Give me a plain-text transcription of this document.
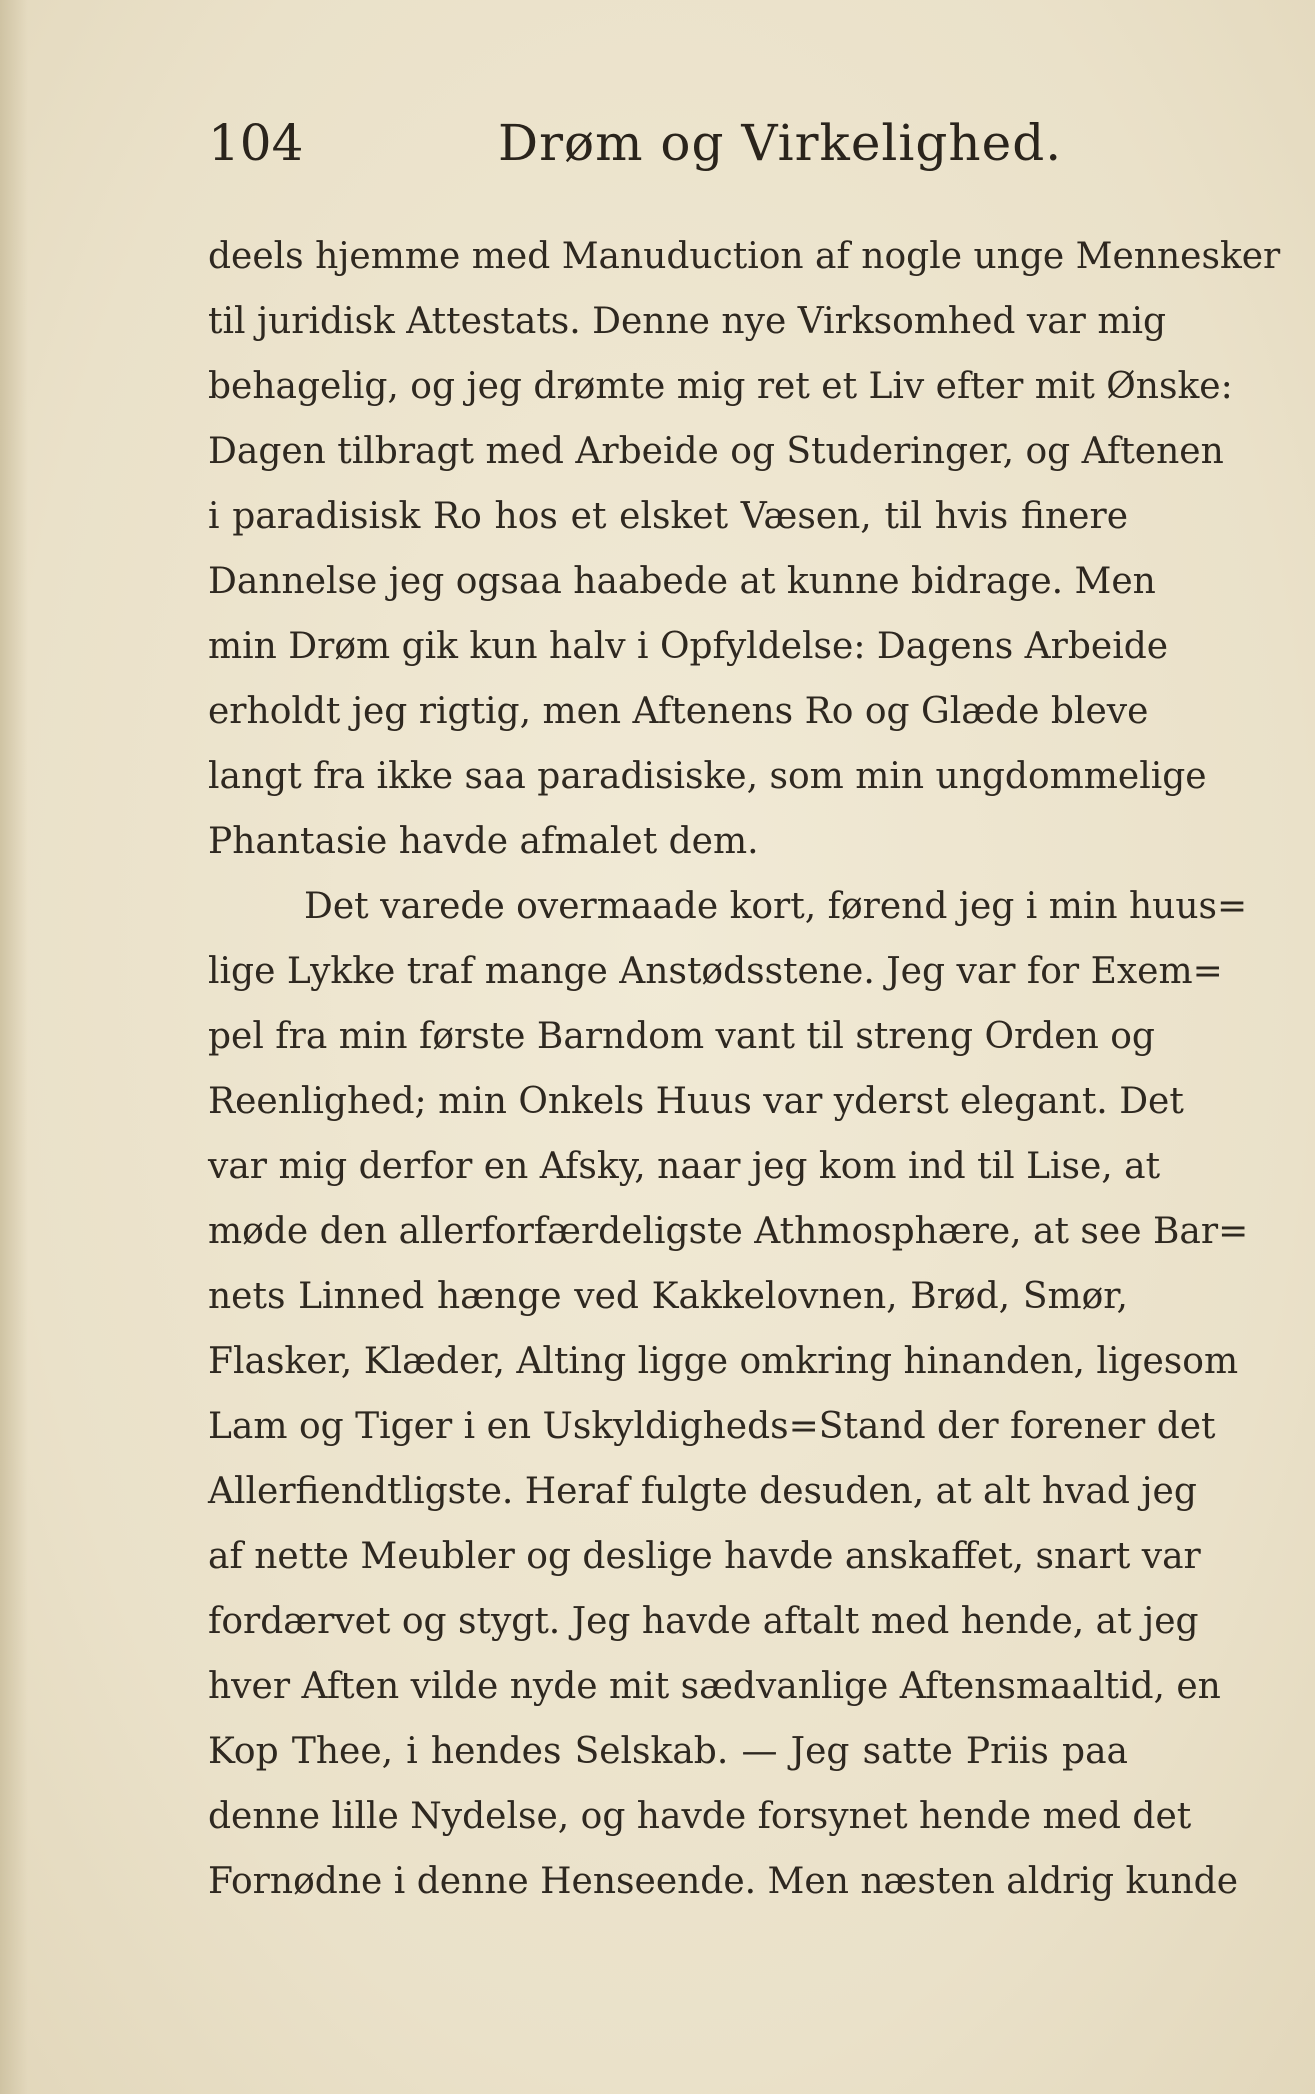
104	Drøm og Virkelighed.
deels hjemme med Manuduction af nogle unge Mennesker
til juridisk Attestats. Denne nye Virksomhed var mig
behagelig, og jeg drømte mig ret et Liv efter mit Ønske:
Dagen tilbragt med Arbeide og Studeringer, og Aftenen
i paradisisk Ro hos et elsket Væsen, til hvis finere
Dannelse jeg ogsaa haabede at kunne bidrage. Men
min Drøm gik kun halv i Opfyldelse: Dagens Arbeide
erholdt jeg rigtig, men Aftenens Ro og Glæde bleve
langt fra ikke saa paradisiske, som min ungdommelige
Phantasie havde afmalet dem.
Det varede overmaade kort, førend jeg i min huus=
lige Lykke traf mange Anstødsstene. Jeg var for Exem=
pel fra min første Barndom vant til streng Orden og
Reenlighed; min Onkels Huus var yderst elegant. Det
var mig derfor en Afsky, naar jeg kom ind til Lise, at
møde den allerforfærdeligste Athmosphære, at see Bar=
nets Linned hænge ved Kakkelovnen, Brød, Smør,
Flasker, Klæder, Alting ligge omkring hinanden, ligesom
Lam og Tiger i en Uskyldigheds=Stand der forener det
Allerfiendtligste. Heraf fulgte desuden, at alt hvad jeg
af nette Meubler og deslige havde anskaffet, snart var
fordærvet og stygt. Jeg havde aftalt med hende, at jeg
hver Aften vilde nyde mit sædvanlige Aftensmaaltid, en
Kop Thee, i hendes Selskab. — Jeg satte Priis paa
denne lille Nydelse, og havde forsynet hende med det
Fornødne i denne Henseende. Men næsten aldrig kunde
